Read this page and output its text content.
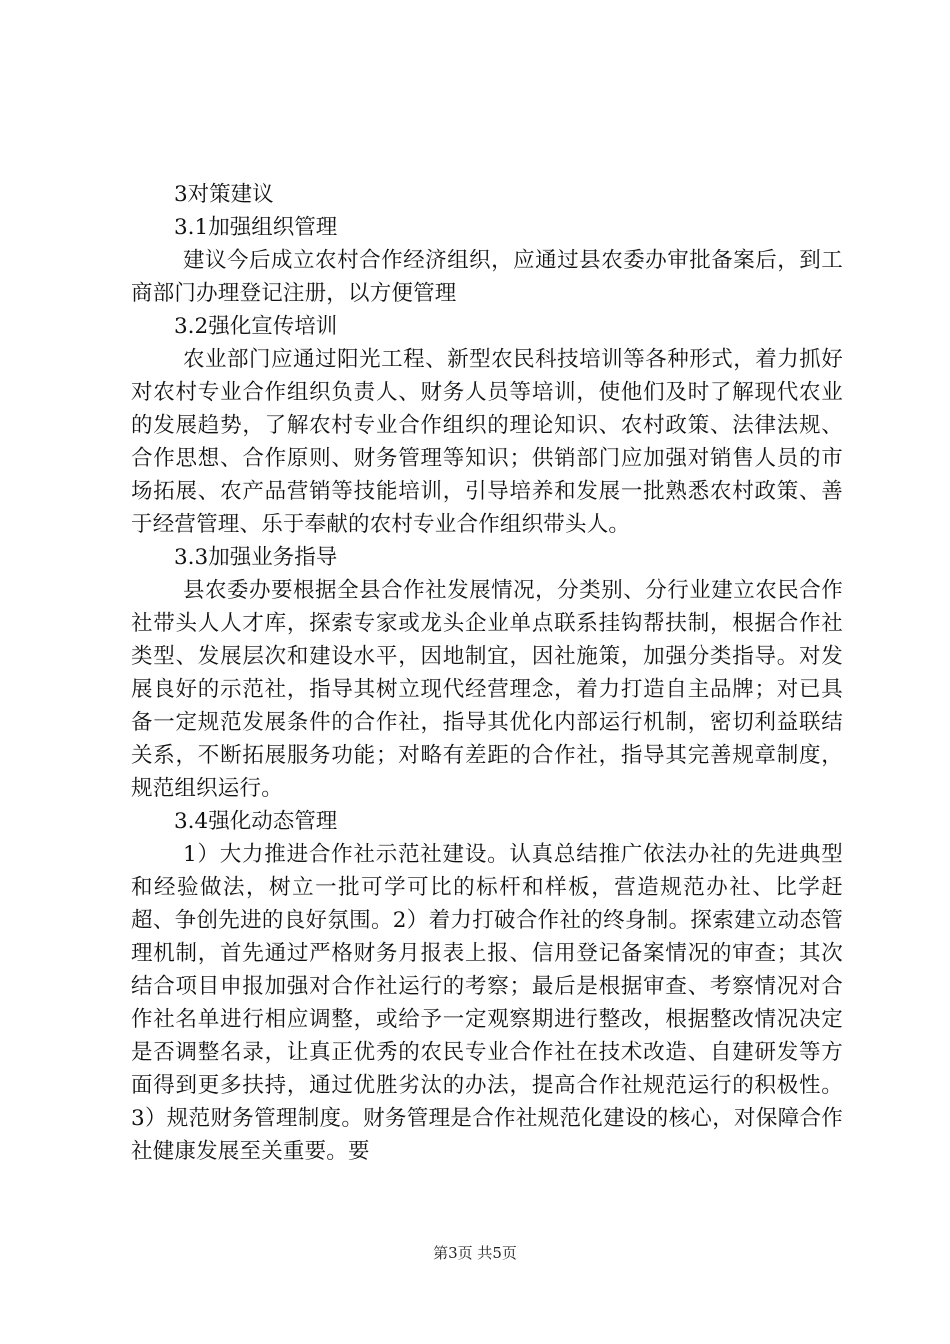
3对策建议

3.1加强组织管理

建议今后成立农村合作经济组织，应通过县农委办审批备案后，到工商部门办理登记注册，以方便管理

3.2强化宣传培训

农业部门应通过阳光工程、新型农民科技培训等各种形式，着力抓好对农村专业合作组织负责人、财务人员等培训，使他们及时了解现代农业的发展趋势，了解农村专业合作组织的理论知识、农村政策、法律法规、合作思想、合作原则、财务管理等知识；供销部门应加强对销售人员的市场拓展、农产品营销等技能培训，引导培养和发展一批熟悉农村政策、善于经营管理、乐于奉献的农村专业合作组织带头人。

3.3加强业务指导

县农委办要根据全县合作社发展情况，分类别、分行业建立农民合作社带头人人才库，探索专家或龙头企业单点联系挂钩帮扶制，根据合作社类型、发展层次和建设水平，因地制宜，因社施策，加强分类指导。对发展良好的示范社，指导其树立现代经营理念，着力打造自主品牌；对已具备一定规范发展条件的合作社，指导其优化内部运行机制，密切利益联结关系，不断拓展服务功能；对略有差距的合作社，指导其完善规章制度，规范组织运行。

3.4强化动态管理

1）大力推进合作社示范社建设。认真总结推广依法办社的先进典型和经验做法，树立一批可学可比的标杆和样板，营造规范办社、比学赶超、争创先进的良好氛围。2）着力打破合作社的终身制。探索建立动态管理机制，首先通过严格财务月报表上报、信用登记备案情况的审查；其次结合项目申报加强对合作社运行的考察；最后是根据审查、考察情况对合作社名单进行相应调整，或给予一定观察期进行整改，根据整改情况决定是否调整名录，让真正优秀的农民专业合作社在技术改造、自建研发等方面得到更多扶持，通过优胜劣汰的办法，提高合作社规范运行的积极性。3）规范财务管理制度。财务管理是合作社规范化建设的核心，对保障合作社健康发展至关重要。要

第3页 共5页
